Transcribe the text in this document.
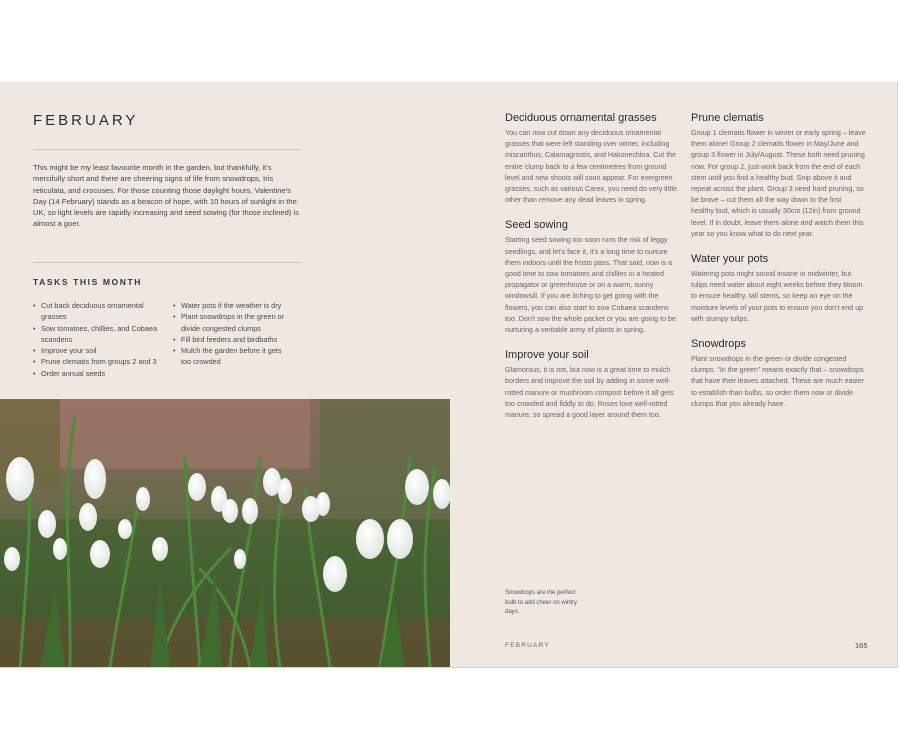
FEBRUARY

This might be my least favourite month in the garden, but thankfully, it's mercifully short and there are cheering signs of life from snowdrops, Iris reticulata, and crocuses. For those counting those daylight hours, Valentine's Day (14 February) stands as a beacon of hope, with 10 hours of sunlight in the UK, so light levels are rapidly increasing and seed sowing (for those inclined) is almost a goer.

TASKS THIS MONTH
• Cut back deciduous ornamental grasses
• Sow tomatoes, chillies, and Cobaea scandens
• Improve your soil
• Prune clematis from groups 2 and 3
• Order annual seeds
• Water pots if the weather is dry
• Plant snowdrops in the green or divide congested clumps
• Fill bird feeders and birdbaths
• Mulch the garden before it gets too crowded
Deciduous ornamental grasses

You can now cut down any deciduous ornamental grasses that were left standing over winter, including miscanthus, Calamagrostis, and Hakonechloa. Cut the entire clump back to a few centimetres from ground level and new shoots will soon appear. For evergreen grasses, such as various Carex, you need do very little other than remove any dead leaves in spring.

Seed sowing

Starting seed sowing too soon runs the risk of leggy seedlings, and let's face it, it's a long time to nurture them indoors until the frosts pass. That said, now is a good time to sow tomatoes and chillies in a heated propagator or greenhouse or on a warm, sunny windowsill. If you are itching to get going with the flowers, you can also start to sow Cobaea scandens too. Don't sow the whole packet or you are going to be nurturing a veritable army of plants in spring.

Improve your soil

Glamorous, it is not, but now is a great time to mulch borders and improve the soil by adding in some well-rotted manure or mushroom compost before it all gets too crowded and fiddly to do. Roses love well-rotted manure, so spread a good layer around them too.

Prune clematis

Group 1 clematis flower in winter or early spring – leave them alone! Group 2 clematis flower in May/June and group 3 flower in July/August. These both need pruning now. For group 2, just work back from the end of each stem until you find a healthy bud. Snip above it and repeat across the plant. Group 3 need hard pruning, so be brave – cut them all the way down to the first healthy bud, which is usually 30cm (12in) from ground level. If in doubt, leave them alone and watch them this year so you know what to do next year.

Water your pots

Watering pots might sound insane in midwinter, but tulips need water about eight weeks before they bloom to ensure healthy, tall stems, so keep an eye on the moisture levels of your pots to ensure you don't end up with stumpy tulips.

Snowdrops

Plant snowdrops in the green or divide congested clumps. "In the green" means exactly that – snowdrops that have their leaves attached. These are much easier to establish than bulbs, so order them now or divide clumps that you already have.

Snowdrops are the perfect bulb to add cheer on wintry days.

FEBRUARY	165
